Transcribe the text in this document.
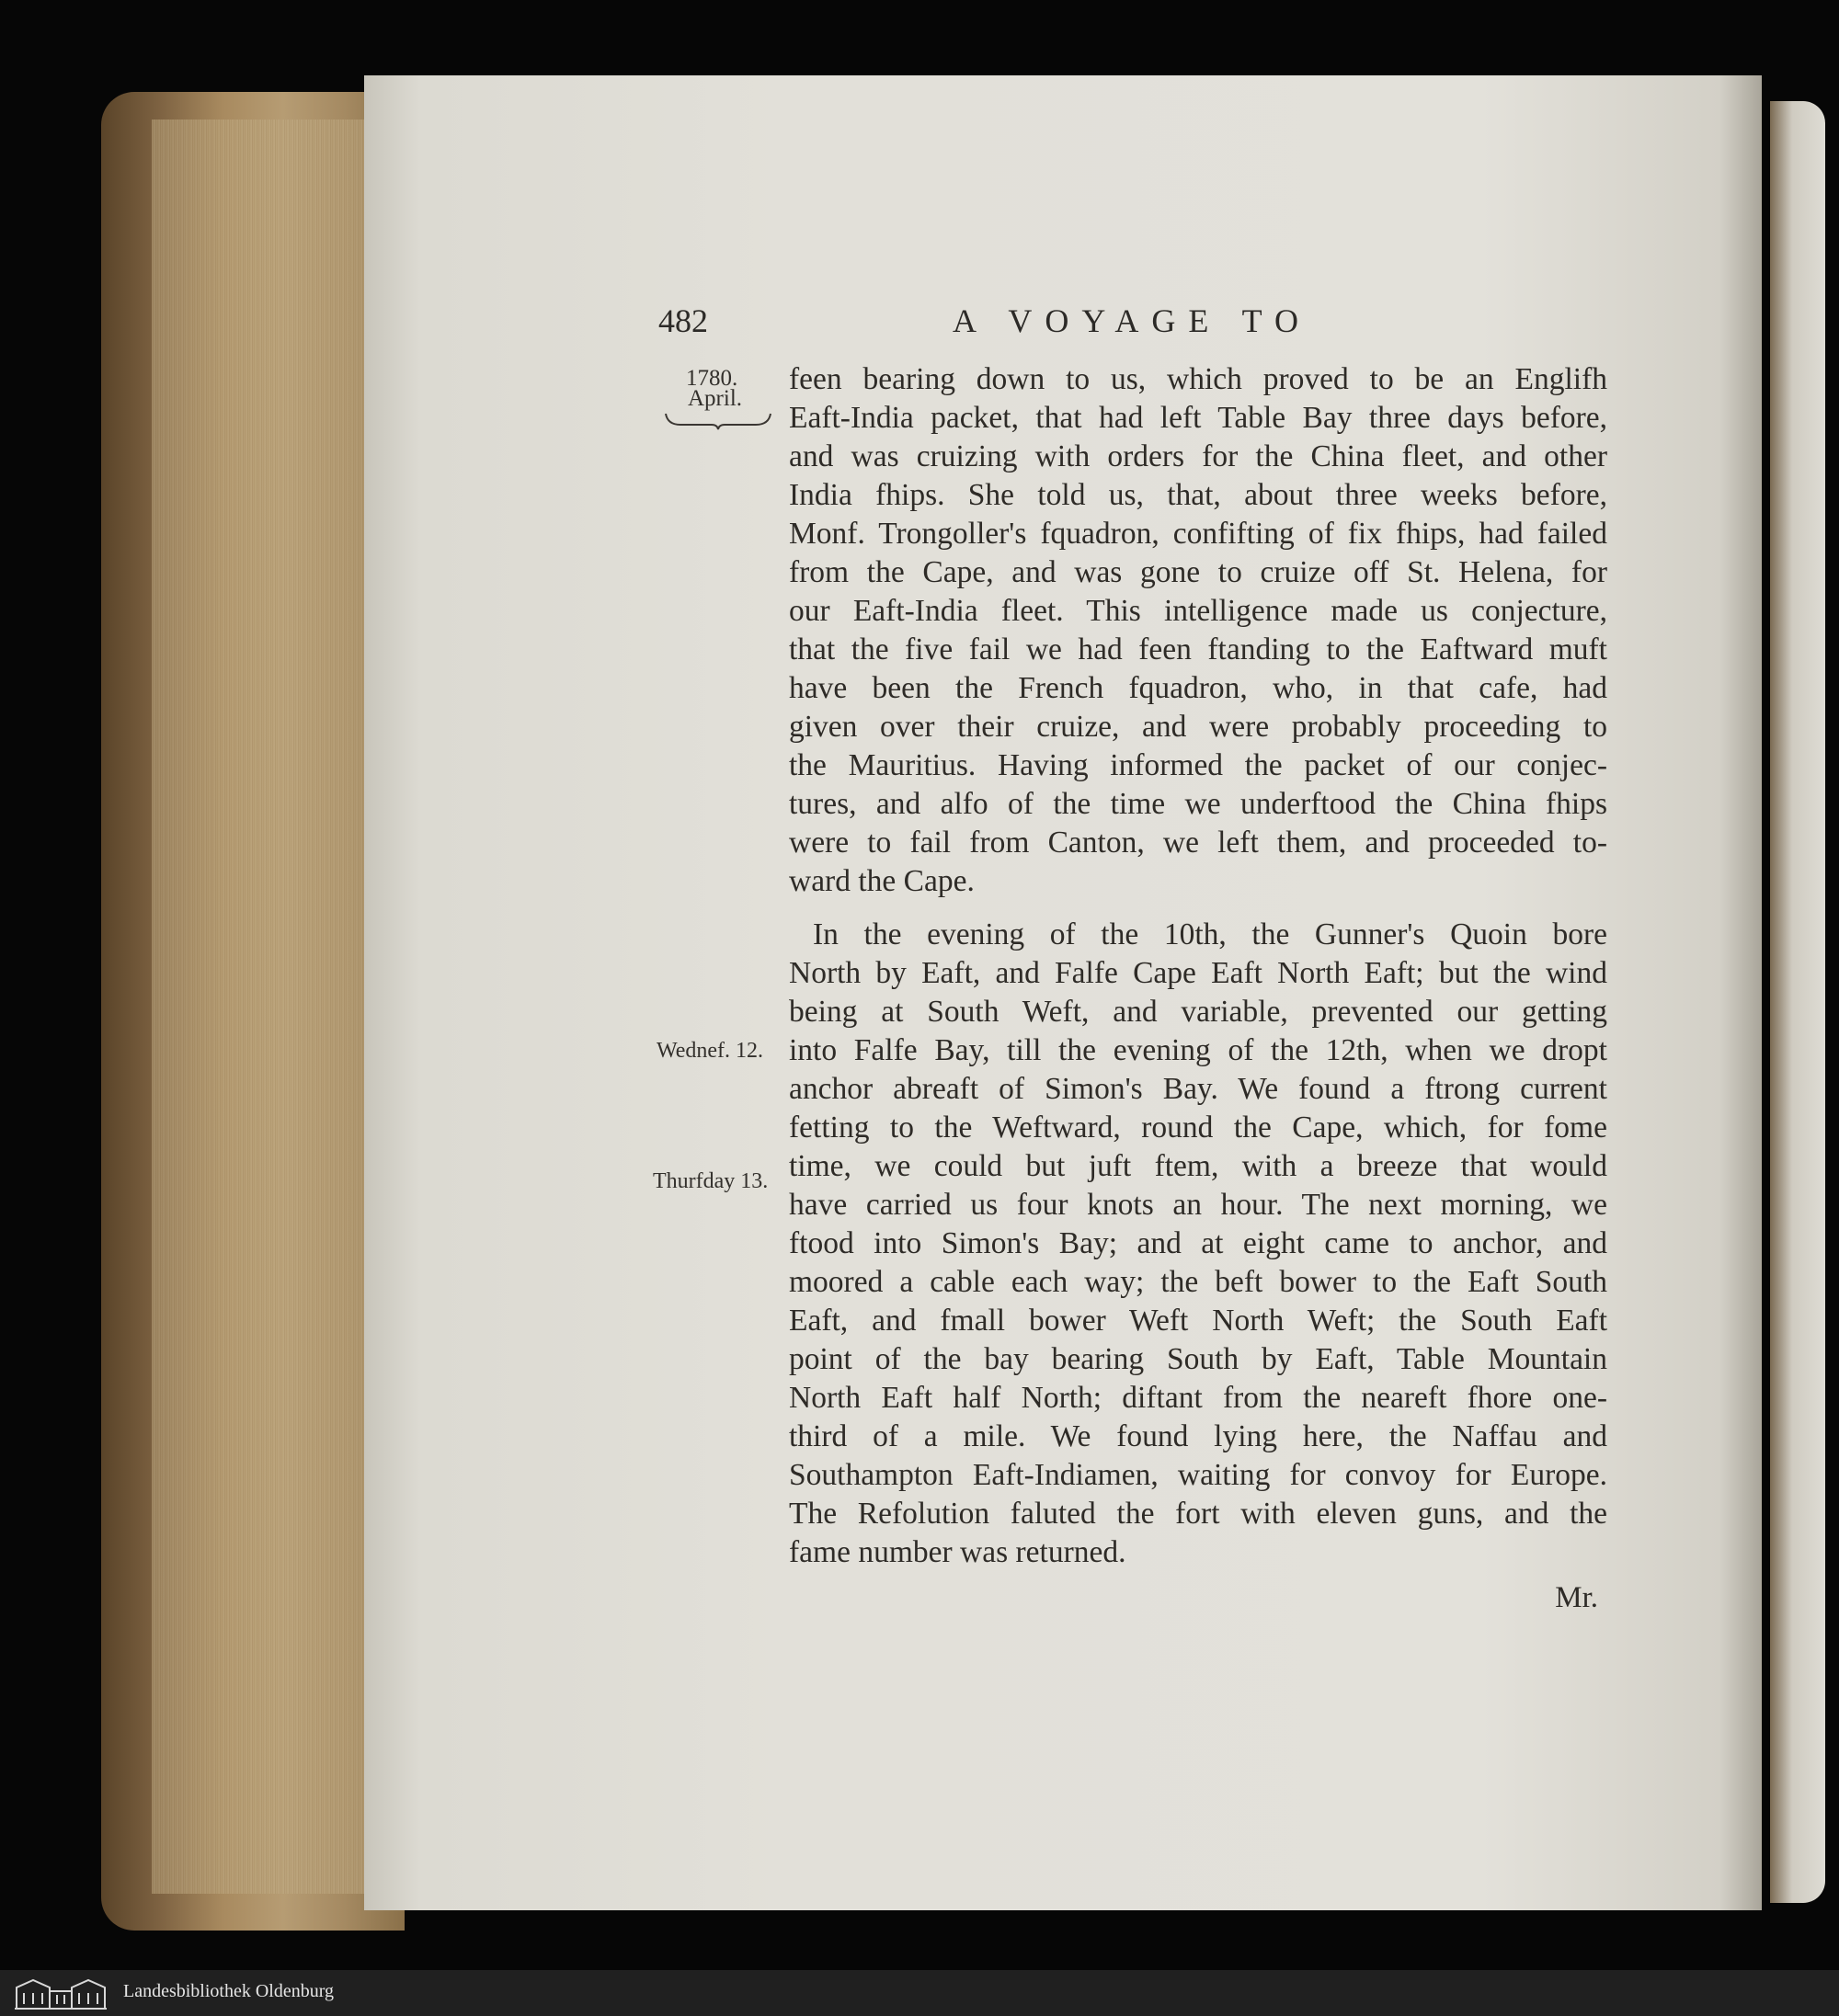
482	A VOYAGE TO
1780.
April.
Wednef. 12.
Thurfday 13.
feen bearing down to us, which proved to be an Englifh
Eaft-India packet, that had left Table Bay three days before,
and was cruizing with orders for the China fleet, and other
India fhips. She told us, that, about three weeks before,
Monf. Trongoller's fquadron, confifting of fix fhips, had failed
from the Cape, and was gone to cruize off St. Helena, for
our Eaft-India fleet. This intelligence made us conjecture,
that the five fail we had feen ftanding to the Eaftward muft
have been the French fquadron, who, in that cafe, had
given over their cruize, and were probably proceeding to
the Mauritius. Having informed the packet of our conjec-
tures, and alfo of the time we underftood the China fhips
were to fail from Canton, we left them, and proceeded to-
ward the Cape.
In the evening of the 10th, the Gunner's Quoin bore
North by Eaft, and Falfe Cape Eaft North Eaft; but the wind
being at South Weft, and variable, prevented our getting
into Falfe Bay, till the evening of the 12th, when we dropt
anchor abreaft of Simon's Bay. We found a ftrong current
fetting to the Weftward, round the Cape, which, for fome
time, we could but juft ftem, with a breeze that would
have carried us four knots an hour. The next morning, we
ftood into Simon's Bay; and at eight came to anchor, and
moored a cable each way; the beft bower to the Eaft South
Eaft, and fmall bower Weft North Weft; the South Eaft
point of the bay bearing South by Eaft, Table Mountain
North Eaft half North; diftant from the neareft fhore one-
third of a mile. We found lying here, the Naffau and
Southampton Eaft-Indiamen, waiting for convoy for Europe.
The Refolution faluted the fort with eleven guns, and the
fame number was returned.
Mr.
Landesbibliothek Oldenburg
